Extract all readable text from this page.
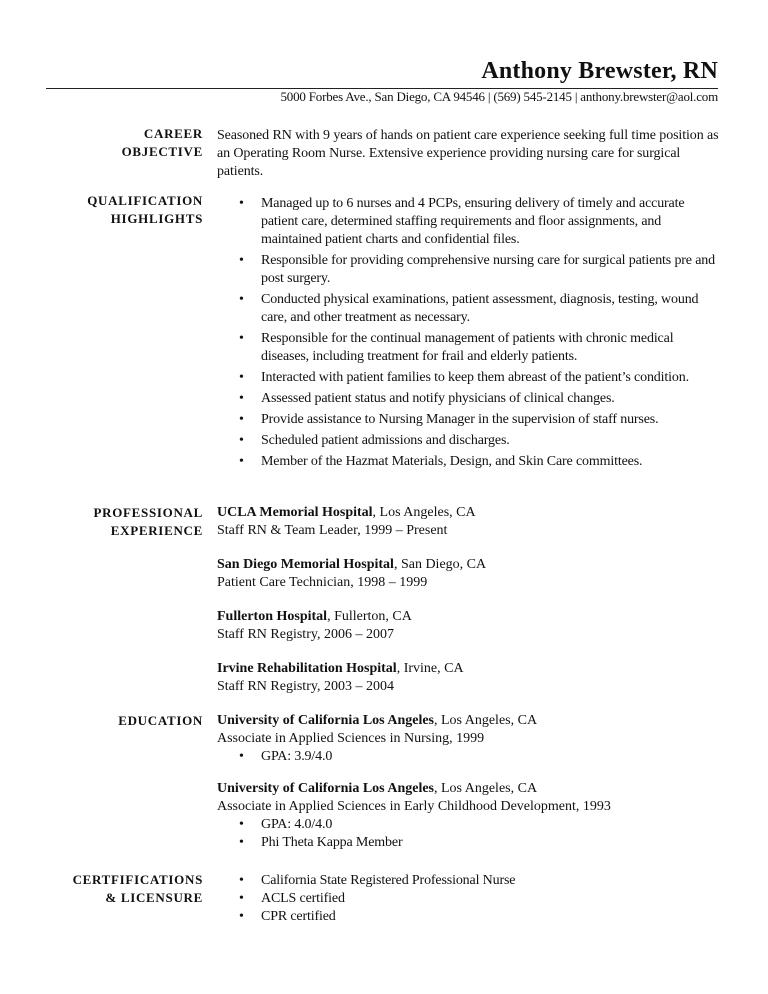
Anthony Brewster, RN
5000 Forbes Ave., San Diego, CA 94546 | (569) 545-2145 | anthony.brewster@aol.com
CAREER
OBJECTIVE

Seasoned RN with 9 years of hands on patient care experience seeking full time position as an Operating Room Nurse. Extensive experience providing nursing care for surgical patients.

QUALIFICATION
HIGHLIGHTS
• Managed up to 6 nurses and 4 PCPs, ensuring delivery of timely and accurate patient care, determined staffing requirements and floor assignments, and maintained patient charts and confidential files.
• Responsible for providing comprehensive nursing care for surgical patients pre and post surgery.
• Conducted physical examinations, patient assessment, diagnosis, testing, wound care, and other treatment as necessary.
• Responsible for the continual management of patients with chronic medical diseases, including treatment for frail and elderly patients.
• Interacted with patient families to keep them abreast of the patient’s condition.
• Assessed patient status and notify physicians of clinical changes.
• Provide assistance to Nursing Manager in the supervision of staff nurses.
• Scheduled patient admissions and discharges.
• Member of the Hazmat Materials, Design, and Skin Care committees.
PROFESSIONAL
EXPERIENCE
UCLA Memorial Hospital, Los Angeles, CA
Staff RN & Team Leader, 1999 – Present
San Diego Memorial Hospital, San Diego, CA
Patient Care Technician, 1998 – 1999
Fullerton Hospital, Fullerton, CA
Staff RN Registry, 2006 – 2007
Irvine Rehabilitation Hospital, Irvine, CA
Staff RN Registry, 2003 – 2004
EDUCATION University of California Los Angeles, Los Angeles, CA
Associate in Applied Sciences in Nursing, 1999
• GPA: 3.9/4.0
University of California Los Angeles, Los Angeles, CA
Associate in Applied Sciences in Early Childhood Development, 1993
• GPA: 4.0/4.0
• Phi Theta Kappa Member
CERTFIFICATIONS
& LICENSURE
• California State Registered Professional Nurse
• ACLS certified
• CPR certified
